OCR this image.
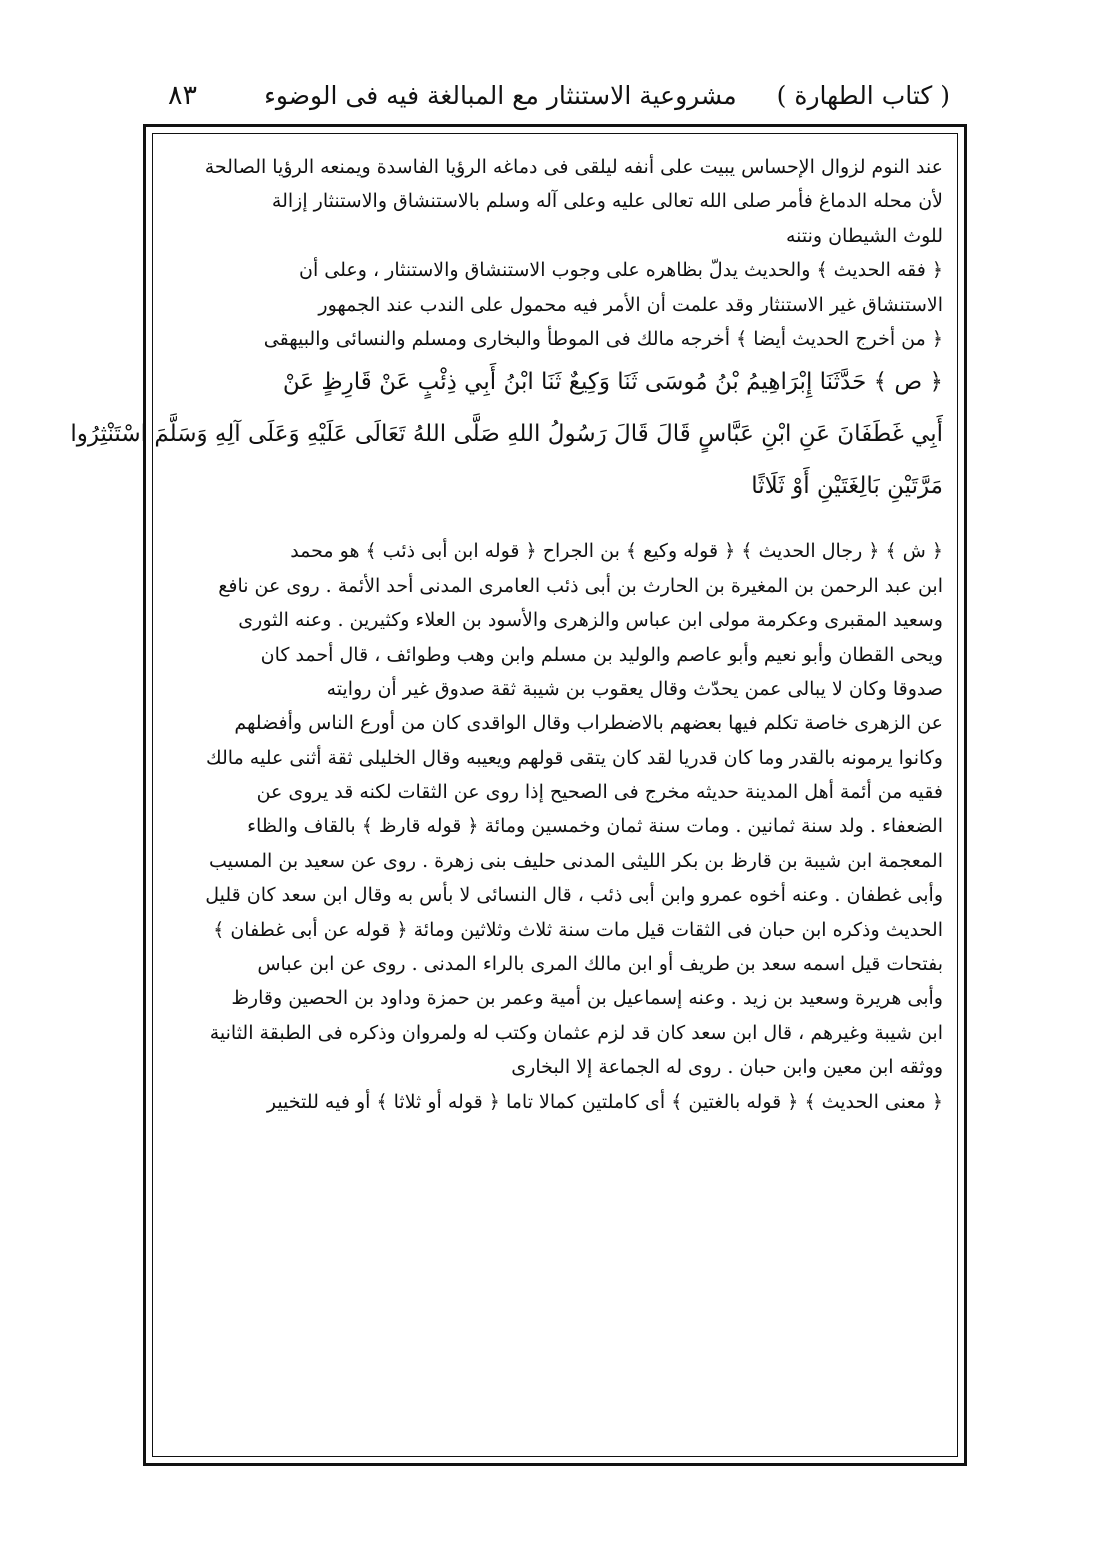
( كتاب الطهارة )
مشروعية الاستنثار مع المبالغة فيه فى الوضوء
٨٣

عند النوم لزوال الإحساس يبيت على أنفه ليلقى فى دماغه الرؤيا الفاسدة ويمنعه الرؤيا الصالحة

لأن محله الدماغ فأمر صلى الله تعالى عليه وعلى آله وسلم بالاستنشاق والاستنثار إزالة

للوث الشيطان ونتنه

﴿ فقه الحديث ﴾ والحديث يدلّ بظاهره على وجوب الاستنشاق والاستنثار ، وعلى أن

الاستنشاق غير الاستنثار وقد علمت أن الأمر فيه محمول على الندب عند الجمهور

﴿ من أخرج الحديث أيضا ﴾ أخرجه مالك فى الموطأ والبخارى ومسلم والنسائى والبيهقى

﴿ ص ﴾ حَدَّثَنَا إِبْرَاهِيمُ بْنُ مُوسَى ثَنَا وَكِيعٌ ثَنَا ابْنُ أَبِي ذِئْبٍ عَنْ قَارِظٍ عَنْ
أَبِي غَطَفَانَ عَنِ ابْنِ عَبَّاسٍ قَالَ قَالَ رَسُولُ اللهِ صَلَّى اللهُ تَعَالَى عَلَيْهِ وَعَلَى آلِهِ وَسَلَّمَ اسْتَنْثِرُوا
مَرَّتَيْنِ بَالِغَتَيْنِ أَوْ ثَلَاثًا

﴿ ش ﴾ ﴿ رجال الحديث ﴾ ﴿ قوله وكيع ﴾ بن الجراح ﴿ قوله ابن أبى ذئب ﴾ هو محمد

ابن عبد الرحمن بن المغيرة بن الحارث بن أبى ذئب العامرى المدنى أحد الأئمة . روى عن نافع

وسعيد المقبرى وعكرمة مولى ابن عباس والزهرى والأسود بن العلاء وكثيرين . وعنه الثورى

ويحى القطان وأبو نعيم وأبو عاصم والوليد بن مسلم وابن وهب وطوائف ، قال أحمد كان

صدوقا وكان لا يبالى عمن يحدّث وقال يعقوب بن شيبة ثقة صدوق غير أن روايته

عن الزهرى خاصة تكلم فيها بعضهم بالاضطراب وقال الواقدى كان من أورع الناس وأفضلهم

وكانوا يرمونه بالقدر وما كان قدريا لقد كان يتقى قولهم ويعيبه وقال الخليلى ثقة أثنى عليه مالك

فقيه من أئمة أهل المدينة حديثه مخرج فى الصحيح إذا روى عن الثقات لكنه قد يروى عن

الضعفاء . ولد سنة ثمانين . ومات سنة ثمان وخمسين ومائة ﴿ قوله قارظ ﴾ بالقاف والظاء

المعجمة ابن شيبة بن قارظ بن بكر الليثى المدنى حليف بنى زهرة . روى عن سعيد بن المسيب

وأبى غطفان . وعنه أخوه عمرو وابن أبى ذئب ، قال النسائى لا بأس به وقال ابن سعد كان قليل

الحديث وذكره ابن حبان فى الثقات قيل مات سنة ثلاث وثلاثين ومائة ﴿ قوله عن أبى غطفان ﴾

بفتحات قيل اسمه سعد بن طريف أو ابن مالك المرى بالراء المدنى . روى عن ابن عباس

وأبى هريرة وسعيد بن زيد . وعنه إسماعيل بن أمية وعمر بن حمزة وداود بن الحصين وقارظ

ابن شيبة وغيرهم ، قال ابن سعد كان قد لزم عثمان وكتب له ولمروان وذكره فى الطبقة الثانية

ووثقه ابن معين وابن حبان . روى له الجماعة إلا البخارى

﴿ معنى الحديث ﴾ ﴿ قوله بالغتين ﴾ أى كاملتين كمالا تاما ﴿ قوله أو ثلاثا ﴾ أو فيه للتخيير
